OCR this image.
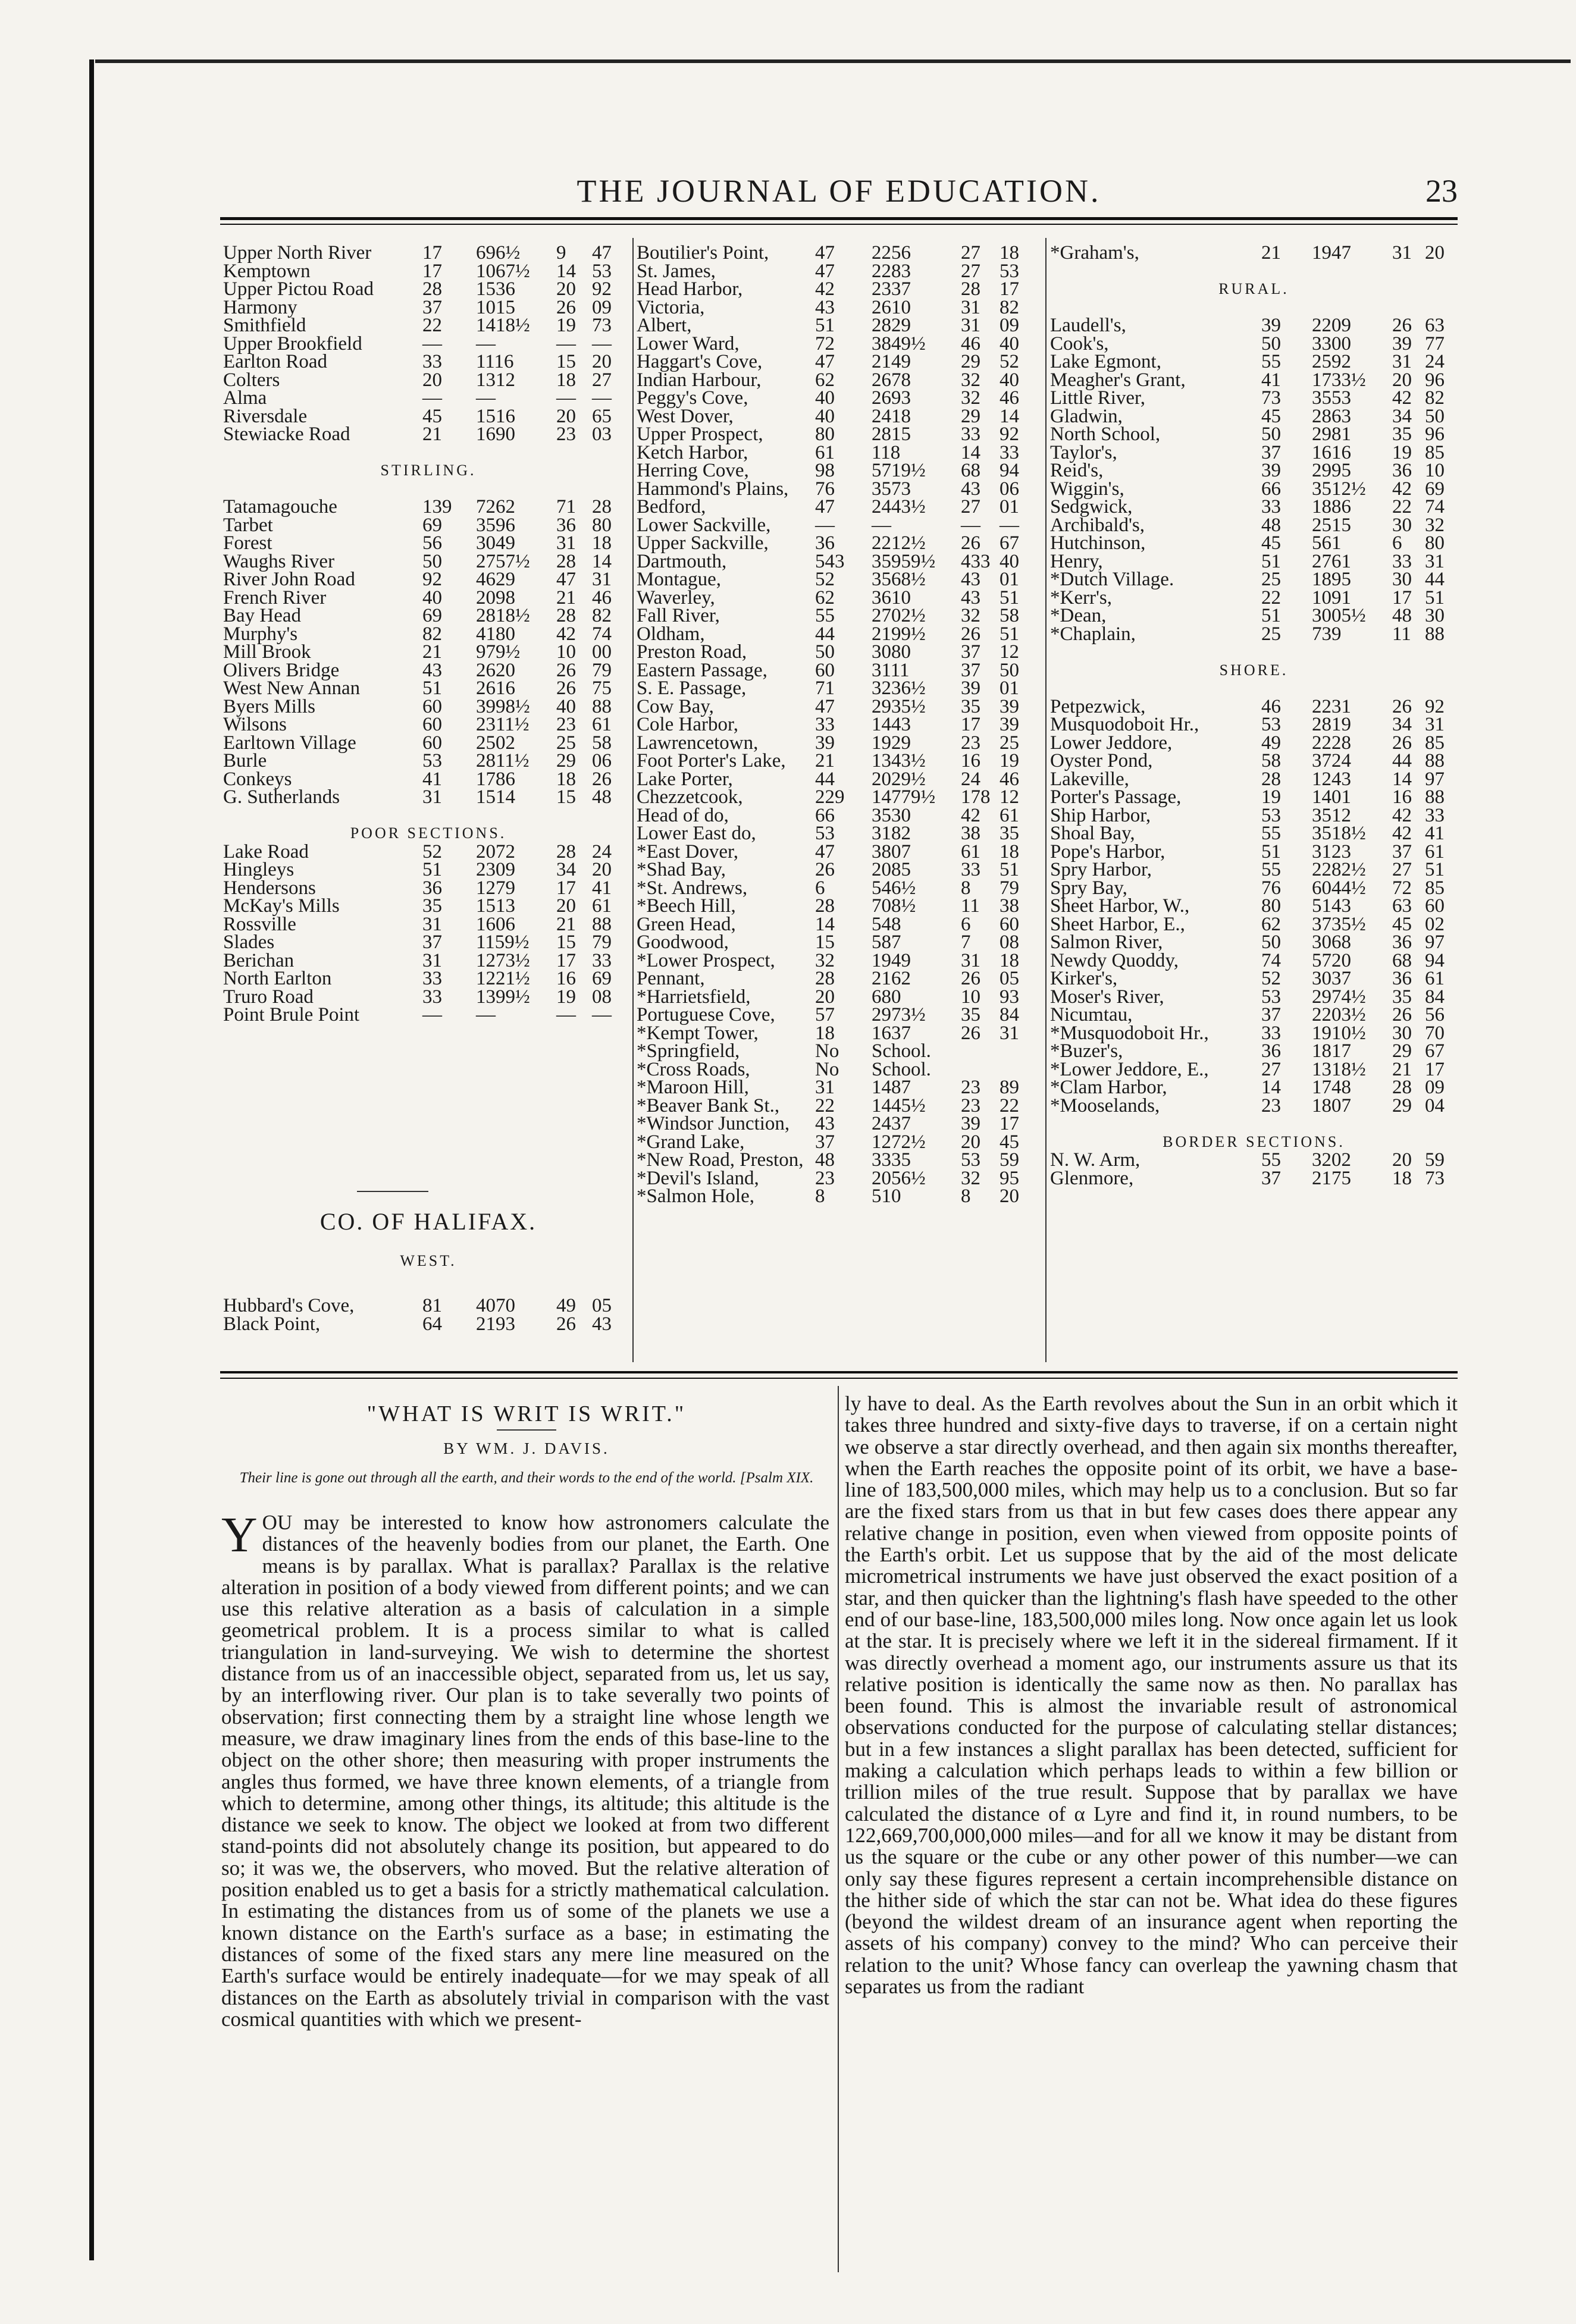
THE JOURNAL OF EDUCATION.	23
Upper North River	17 696½ 9 47
Kemptown	17 1067½ 14 53
Upper Pictou Road 28 1536 20 92
Harmony	37 1015 26 09
Smithfield	22 1418½ 19 73
Upper Brookfield	— —	— —
Earlton Road	33 1116 15 20
Colters	20 1312 18 27
Alma	— —	— —
Riversdale	45 1516 20 65
Stewiacke Road	21 1690 23 03
STIRLING.
Tatamagouche	139 7262 71 28
Tarbet	69 3596 36 80
Forest	56 3049 31 18
Waughs River	50 2757½ 28 14
River John Road	92 4629 47 31
French River	40 2098 21 46
Bay Head	69 2818½ 28 82
Murphy's	82 4180 42 74
Mill Brook	21 979½ 10 00
Olivers Bridge	43 2620 26 79
West New Annan	51 2616 26 75
Byers Mills	60 3998½ 40 88
Wilsons	60 2311½ 23 61
Earltown Village	60 2502 25 58
Burle	53 2811½ 29 06
Conkeys	41 1786 18 26
G. Sutherlands	31 1514 15 48
POOR SECTIONS.
Lake Road	52 2072 28 24
Hingleys	51 2309 34 20
Hendersons	36 1279 17 41
McKay's Mills	35 1513 20 61
Rossville	31 1606 21 88
Slades	37 1159½ 15 79
Berichan	31 1273½ 17 33
North Earlton	33 1221½ 16 69
Truro Road	33 1399½ 19 08
Point Brule Point	— —	— —
Boutilier's Point, 47 2256	27 18
St. James,	47 2283	27 53
Head Harbor,	42 2337	28 17
Victoria,	43 2610	31 82
Albert,	51 2829	31 09
Lower Ward,	72 3849½ 46 40
Haggart's Cove,	47 2149	29 52
Indian Harbour,	62 2678	32 40
Peggy's Cove,	40 2693	32 46
West Dover,	40 2418	29 14
Upper Prospect,	80 2815	33 92
Ketch Harbor,	61 118	14 33
Herring Cove,	98 5719½ 68 94
Hammond's Plains, 76 3573	43 06
Bedford,	47 2443½ 27 01
Lower Sackville, — —	— —
Upper Sackville, 36 2212½ 26 67
Dartmouth,	543 35959½ 433 40
Montague,	52 3568½ 43 01
Waverley,	62 3610	43 51
Fall River,	55 2702½ 32 58
Oldham,	44 2199½ 26 51
Preston Road,	50 3080	37 12
Eastern Passage, 60 3111	37 50
S. E. Passage,	71 3236½ 39 01
Cow Bay,	47 2935½ 35 39
Cole Harbor,	33 1443	17 39
Lawrencetown,	39 1929	23 25
Foot Porter's Lake, 21 1343½ 16 19
Lake Porter,	44 2029½ 24 46
Chezzetcook,	229 14779½ 178 12
Head of do,	66 3530	42 61
Lower East do,	53 3182	38 35
*East Dover,	47 3807	61 18
*Shad Bay,	26 2085	33 51
*St. Andrews,	6 546½ 8 79
*Beech Hill,	28 708½ 11 38
Green Head,	14 548	6 60
Goodwood,	15 587	7 08
*Lower Prospect, 32 1949	31 18
Pennant,	28 2162	26 05
*Harrietsfield,	20 680	10 93
Portuguese Cove, 57 2973½ 35 84
*Kempt Tower,	18 1637	26 31
*Springfield,	No School.
*Cross Roads,	No School.
*Maroon Hill,	31 1487	23 89
*Beaver Bank St., 22 1445½ 23 22
*Windsor Junction, 43 2437	39 17
*Grand Lake,	37 1272½ 20 45
*New Road, Preston, 48 3335	53 59
*Devil's Island,	23 2056½ 32 95
*Salmon Hole,	8 510	8 20
*Graham's,	21 1947 31 20
RURAL.
Laudell's,	39 2209 26 63
Cook's,	50 3300 39 77
Lake Egmont,	55 2592 31 24
Meagher's Grant,	41 1733½ 20 96
Little River,	73 3553 42 82
Gladwin,	45 2863 34 50
North School,	50 2981 35 96
Taylor's,	37 1616 19 85
Reid's,	39 2995 36 10
Wiggin's,	66 3512½ 42 69
Sedgwick,	33 1886 22 74
Archibald's,	48 2515 30 32
Hutchinson,	45 561	6 80
Henry,	51 2761 33 31
*Dutch Village.	25 1895 30 44
*Kerr's,	22 1091 17 51
*Dean,	51 3005½ 48 30
*Chaplain,	25 739	11 88
SHORE.
Petpezwick,	46 2231 26 92
Musquodoboit Hr.,	53 2819 34 31
Lower Jeddore,	49 2228 26 85
Oyster Pond,	58 3724 44 88
Lakeville,	28 1243 14 97
Porter's Passage,	19 1401 16 88
Ship Harbor,	53 3512 42 33
Shoal Bay,	55 3518½ 42 41
Pope's Harbor,	51 3123 37 61
Spry Harbor,	55 2282½ 27 51
Spry Bay,	76 6044½ 72 85
Sheet Harbor, W.,	80 5143 63 60
Sheet Harbor, E.,	62 3735½ 45 02
Salmon River,	50 3068 36 97
Newdy Quoddy,	74 5720 68 94
Kirker's,	52 3037 36 61
Moser's River,	53 2974½ 35 84
Nicumtau,	37 2203½ 26 56
*Musquodoboit Hr.,	33 1910½ 30 70
*Buzer's,	36 1817 29 67
*Lower Jeddore, E.,	27 1318½ 21 17
*Clam Harbor,	14 1748 28 09
*Mooselands,	23 1807 29 04
BORDER SECTIONS.
N. W. Arm,	55 3202 20 59
Glenmore,	37 2175 18 73
CO. OF HALIFAX.
WEST.
Hubbard's Cove,	81 4070 49 05
Black Point,	64 2193 26 43
"WHAT IS WRIT IS WRIT."
BY WM. J. DAVIS.
Their line is gone out through all the earth, and their words to the end of the world. [Psalm XIX.

YOU may be interested to know how astronomers calculate the distances of the heavenly bodies from our planet, the Earth. One means is by parallax. What is parallax? Parallax is the relative alteration in position of a body viewed from different points; and we can use this relative alteration as a basis of calculation in a simple geometrical problem. It is a process similar to what is called triangulation in land-surveying. We wish to determine the shortest distance from us of an inaccessible object, separated from us, let us say, by an interflowing river. Our plan is to take severally two points of observation; first connecting them by a straight line whose length we measure, we draw imaginary lines from the ends of this base-line to the object on the other shore; then measuring with proper instruments the angles thus formed, we have three known elements, of a triangle from which to determine, among other things, its altitude; this altitude is the distance we seek to know. The object we looked at from two different stand-points did not absolutely change its position, but appeared to do so; it was we, the observers, who moved. But the relative alteration of position enabled us to get a basis for a strictly mathematical calculation. In estimating the distances from us of some of the planets we use a known distance on the Earth's surface as a base; in estimating the distances of some of the fixed stars any mere line measured on the Earth's surface would be entirely inadequate—for we may speak of all distances on the Earth as absolutely trivial in comparison with the vast cosmical quantities with which we present-

ly have to deal. As the Earth revolves about the Sun in an orbit which it takes three hundred and sixty-five days to traverse, if on a certain night we observe a star directly overhead, and then again six months thereafter, when the Earth reaches the opposite point of its orbit, we have a base-line of 183,500,000 miles, which may help us to a conclusion. But so far are the fixed stars from us that in but few cases does there appear any relative change in position, even when viewed from opposite points of the Earth's orbit. Let us suppose that by the aid of the most delicate micrometrical instruments we have just observed the exact position of a star, and then quicker than the lightning's flash have speeded to the other end of our base-line, 183,500,000 miles long. Now once again let us look at the star. It is precisely where we left it in the sidereal firmament. If it was directly overhead a moment ago, our instruments assure us that its relative position is identically the same now as then. No parallax has been found. This is almost the invariable result of astronomical observations conducted for the purpose of calculating stellar distances; but in a few instances a slight parallax has been detected, sufficient for making a calculation which perhaps leads to within a few billion or trillion miles of the true result. Suppose that by parallax we have calculated the distance of α Lyre and find it, in round numbers, to be 122,669,700,000,000 miles—and for all we know it may be distant from us the square or the cube or any other power of this number—we can only say these figures represent a certain incomprehensible distance on the hither side of which the star can not be. What idea do these figures (beyond the wildest dream of an insurance agent when reporting the assets of his company) convey to the mind? Who can perceive their relation to the unit? Whose fancy can overleap the yawning chasm that separates us from the radiant
